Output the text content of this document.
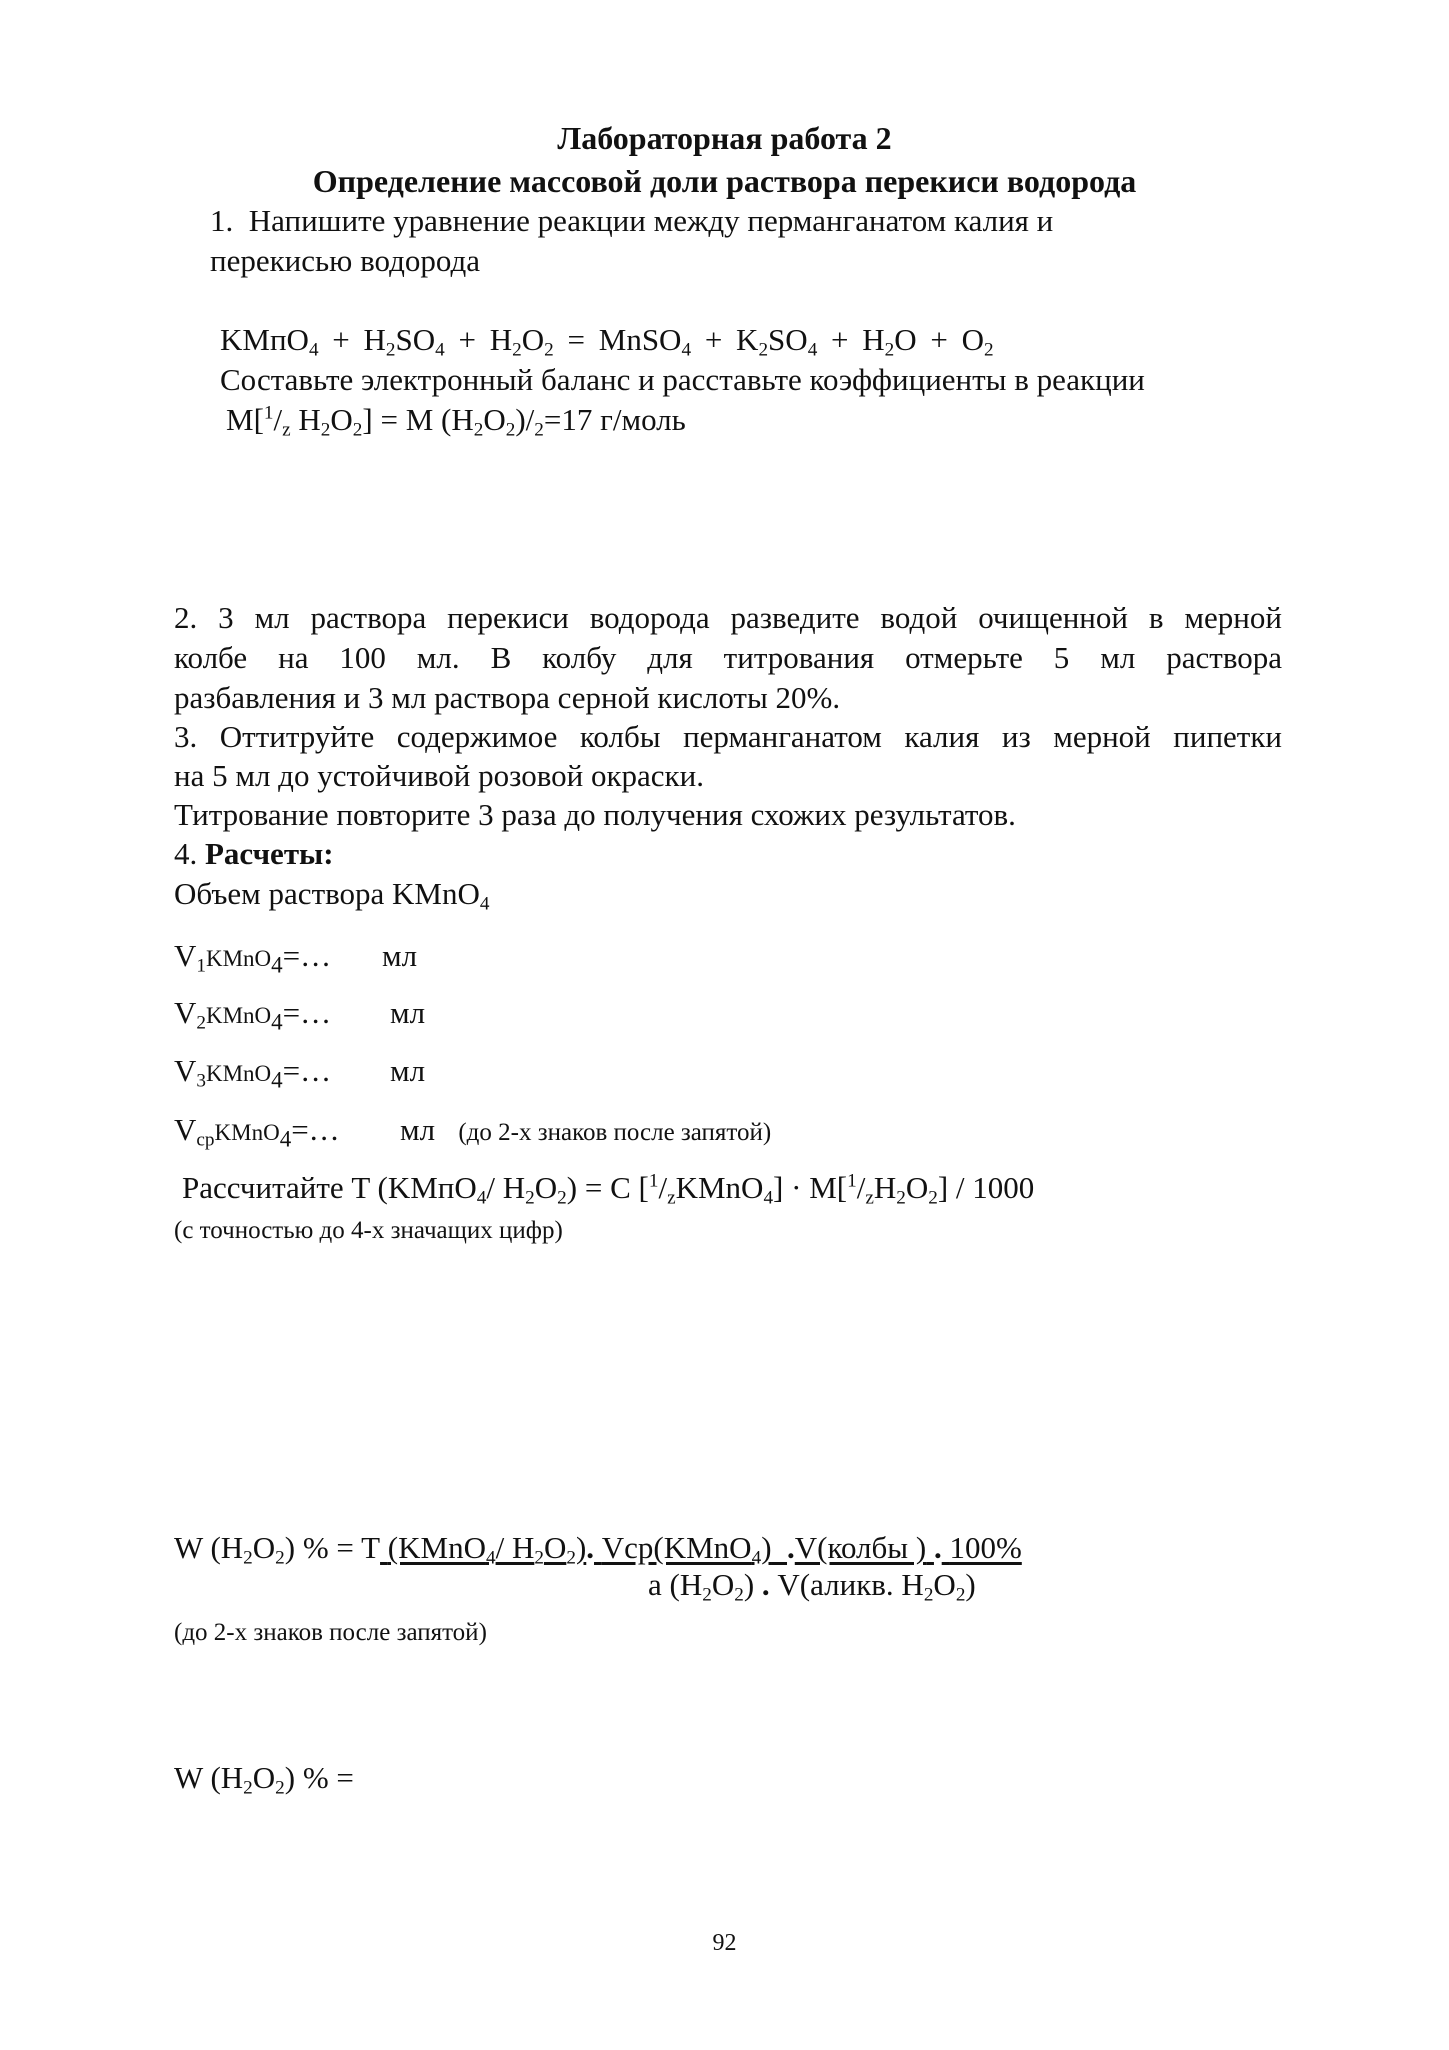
Лабораторная работа 2
Определение массовой доли раствора перекиси водорода
1. Напишите уравнение реакции между перманганатом калия и
перекисью водорода
KMпO$_4$ + $H_2SO_4 + H_2O_2$ = MnSO$_4$ + $K_2SO_4 + H_2O + O_2$
Составьте электронный баланс и расставьте коэффициенты в реакции
$M[^1/_z$ $H_2O_2] = M$ $(H_2O_2)/_2=17$ г/моль
2. 3 мл раствора перекиси водорода разведите водой очищенной в мерной
колбе на 100 мл. В колбу для титрования отмерьте 5 мл раствора
разбавления и 3 мл раствора серной кислоты 20%.
3. Оттитруйте содержимое колбы перманганатом калия из мерной пипетки
на 5 мл до устойчивой розовой окраски.
Титрование повторите 3 раза до получения схожих результатов.
4. Расчеты:
Объем раствора KMnO$_4$
$V_1KMnO_4=\dots$ мл
$V_2KMnO_4=\dots$ мл
$V_3KMnO_4=\dots$ мл
$V_{ср}KMnO_4=\dots$ мл (до 2-х знаков после запятой)
Рассчитайте T (KMпO$_4$/ $H_2O_2) = C$ $[^1/_zKMnO_4] \cdot M[^1/_zH_2O_2] / 1000$
(с точностью до 4-х значащих цифр)
W $(H_2O_2)$ % = T (KMnO$_4$/ $H_2O_2$). Vср(KMnO$_4$) .V(колбы ) . 100%
a $(H_2O_2)$ . V(аликв. $H_2O_2$)
(до 2-х знаков после запятой)
W $(H_2O_2)$ % =
92
